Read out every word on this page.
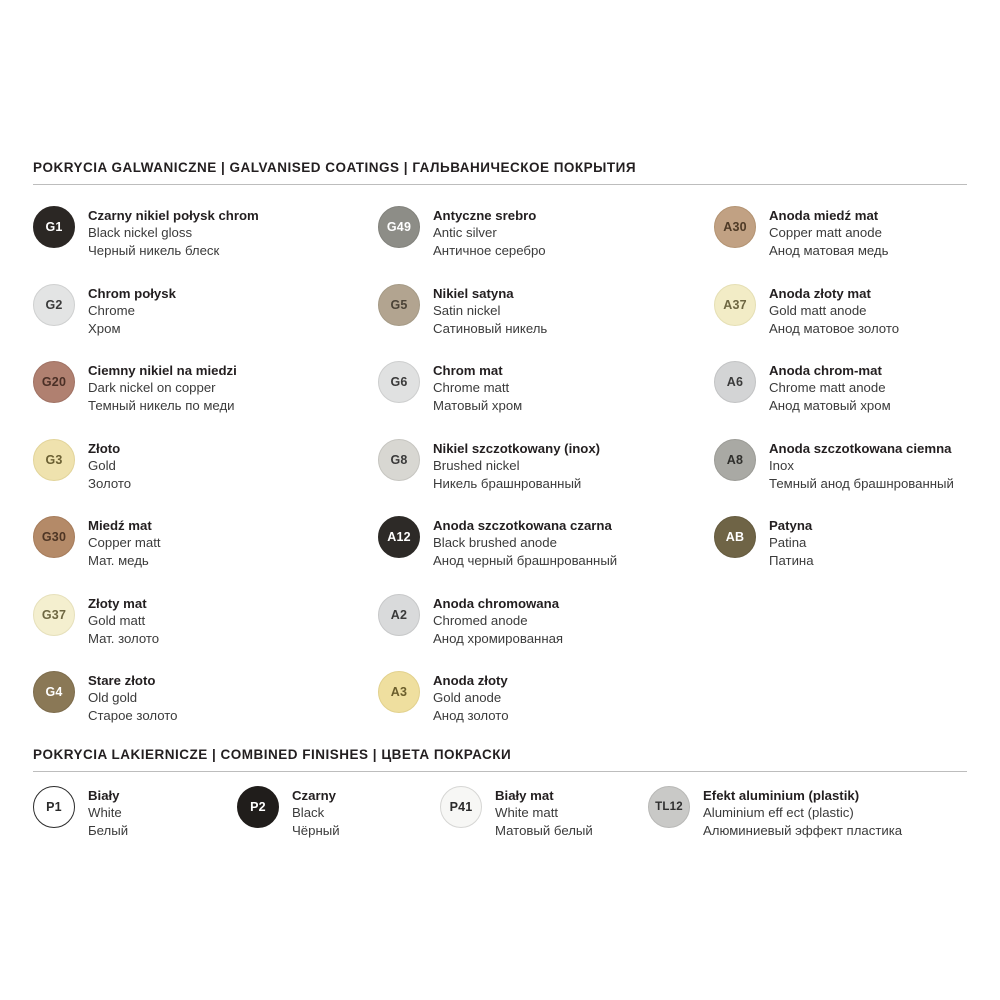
POKRYCIA GALWANICZNE | GALVANISED COATINGS | ГАЛЬВАНИЧЕСКОЕ ПОКРЫТИЯ
G1
Czarny nikiel połysk chrom
Black nickel gloss
Черный никель блеск
G2
Chrom połysk
Chrome
Хром
G20
Ciemny nikiel na miedzi
Dark nickel on copper
Темный никель по меди
G3
Złoto
Gold
Золото
G30
Miedź mat
Copper matt
Мат. медь
G37
Złoty mat
Gold matt
Мат. золото
G4
Stare złoto
Old gold
Старое золото
G49
Antyczne srebro
Antic silver
Античное серебро
G5
Nikiel satyna
Satin nickel
Сатиновый никель
G6
Chrom mat
Chrome matt
Матовый хром
G8
Nikiel szczotkowany (inox)
Brushed nickel
Никель брашнрованный
A12
Anoda szczotkowana czarna
Black brushed anode
Анод черный брашнрованный
A2
Anoda chromowana
Chromed anode
Анод хромированная
A3
Anoda złoty
Gold anode
Анод золото
A30
Anoda miedź mat
Copper matt anode
Анод матовая медь
A37
Anoda złoty mat
Gold matt anode
Анод матовое золото
A6
Anoda chrom-mat
Chrome matt anode
Анод матовый хром
A8
Anoda szczotkowana ciemna
Inox
Темный анод брашнрованный
AB
Patyna
Patina
Патина
POKRYCIA LAKIERNICZE | COMBINED FINISHES | ЦВЕТА ПОКРАСКИ
P1
Biały
White
Белый
P2
Czarny
Black
Чёрный
P41
Biały mat
White matt
Матовый белый
TL12
Efekt aluminium (plastik)
Aluminium eff ect (plastic)
Алюминиевый эффект пластика
